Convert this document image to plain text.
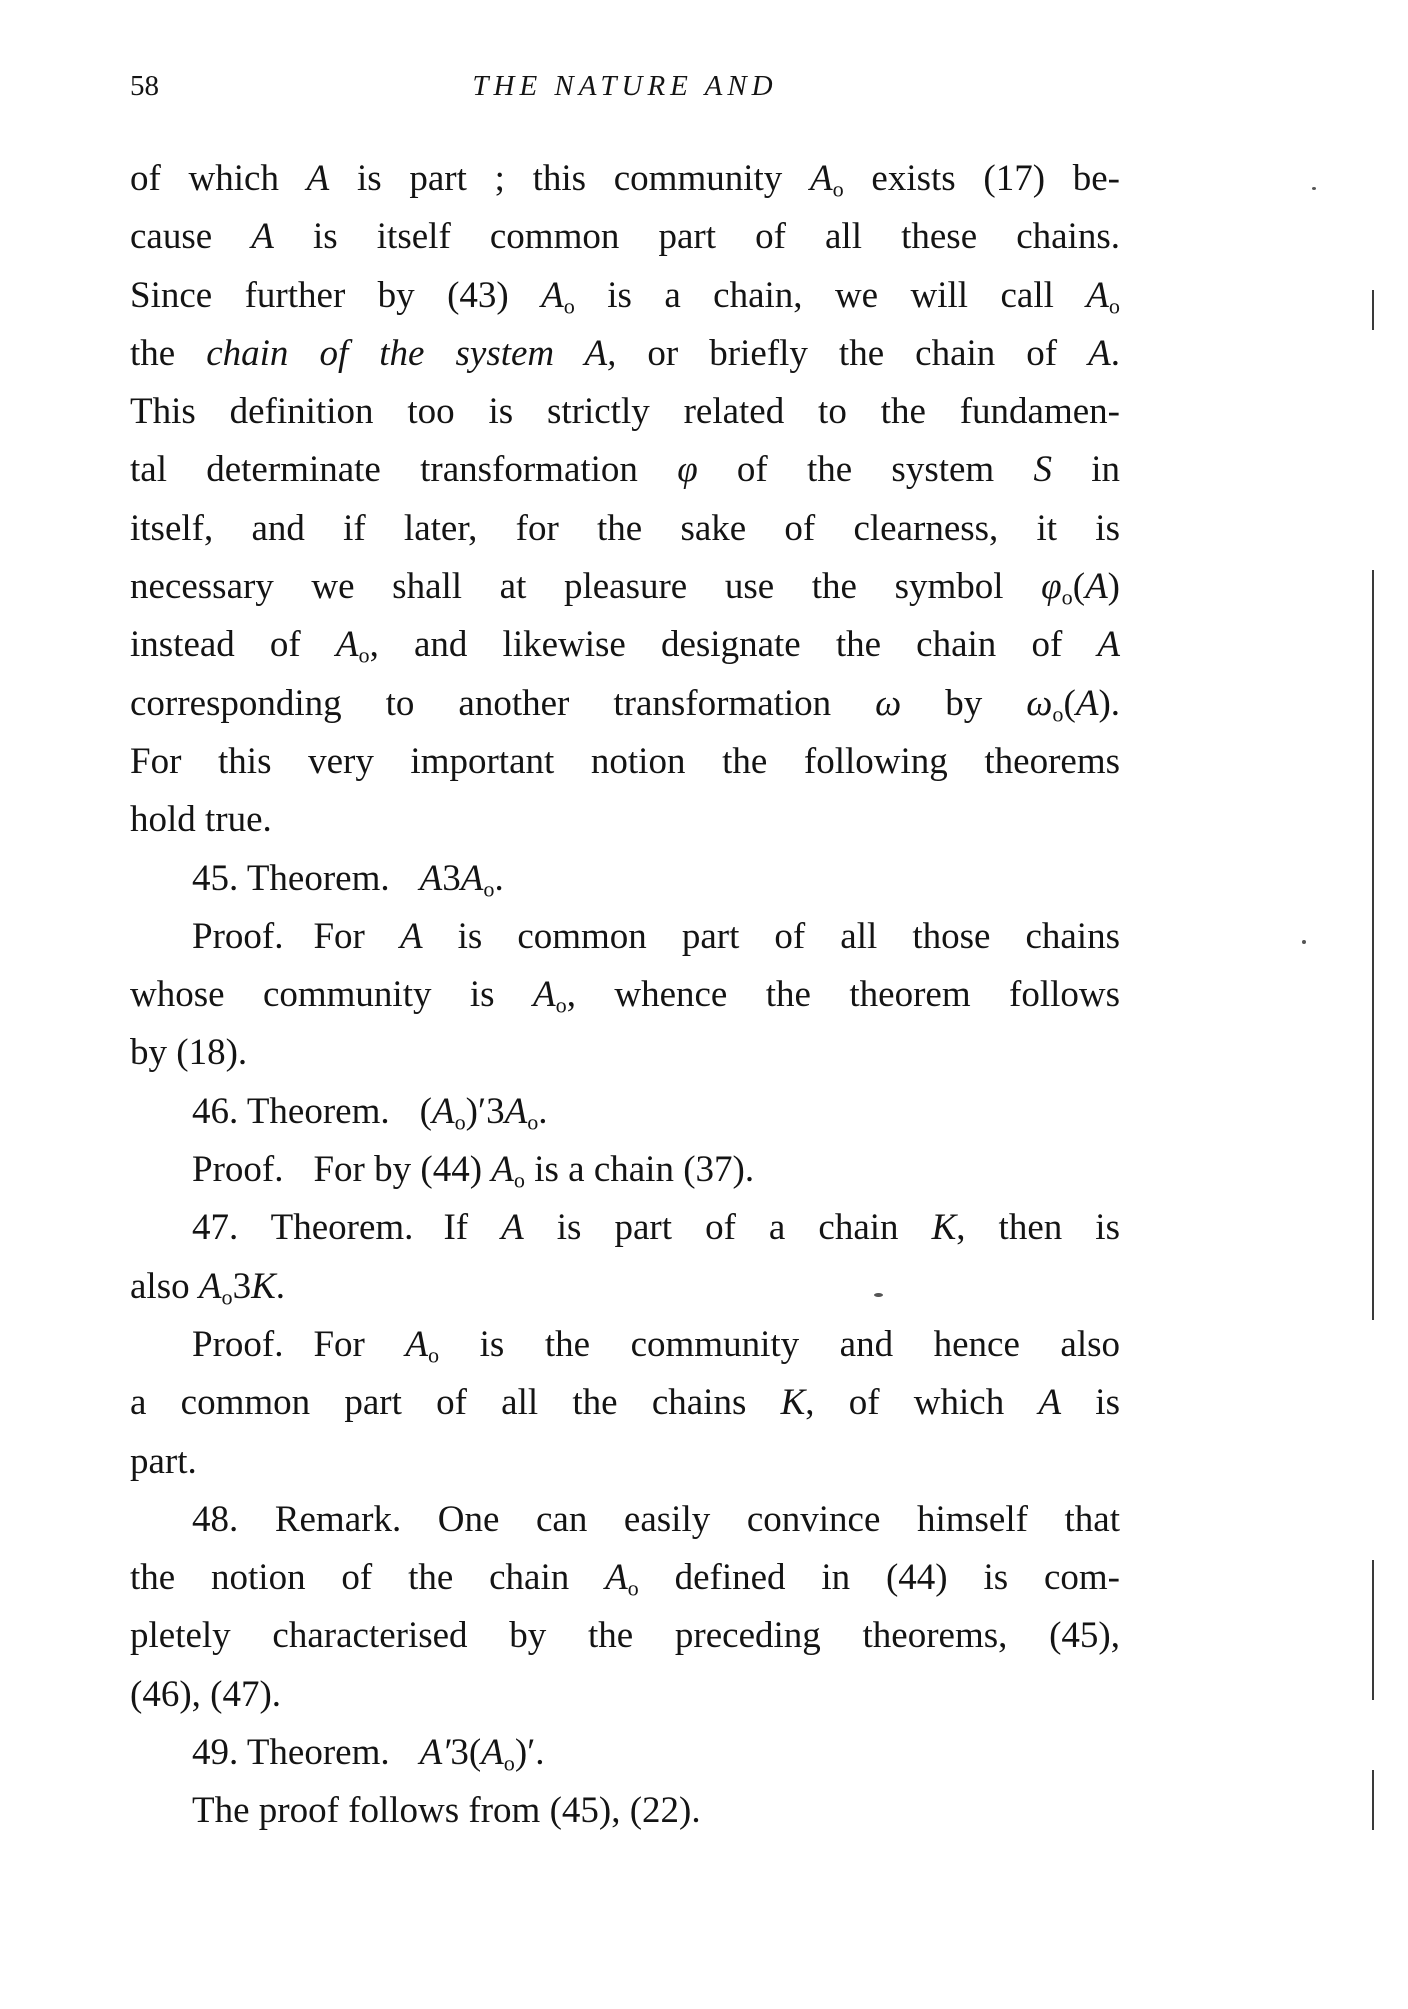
58	THE NATURE AND

of which A is part ; this community $A_o$ exists (17) be-

cause A is itself common part of all these chains.

Since further by (43) $A_o$ is a chain, we will call $A_o$

the chain of the system A, or briefly the chain of A.

This definition too is strictly related to the fundamen-

tal determinate transformation φ of the system S in

itself, and if later, for the sake of clearness, it is

necessary we shall at pleasure use the symbol $\varphi_o(A)$

instead of $A_o$, and likewise designate the chain of A

corresponding to another transformation ω by $\omega_o(A)$.

For this very important notion the following theorems

hold true.

45. Theorem. $A3A_o$.

Proof. For A is common part of all those chains

whose community is $A_o$, whence the theorem follows

by (18).

46. Theorem. $(A_o)'3A_o$.

Proof. For by (44) $A_o$ is a chain (37).

47. Theorem. If A is part of a chain K, then is

also $A_o3K$.

Proof. For $A_o$ is the community and hence also

a common part of all the chains K, of which A is

part.

48. Remark. One can easily convince himself that

the notion of the chain $A_o$ defined in (44) is com-

pletely characterised by the preceding theorems, (45),

(46), (47).

49. Theorem. $A'3(A_o)'$.

The proof follows from (45), (22).
